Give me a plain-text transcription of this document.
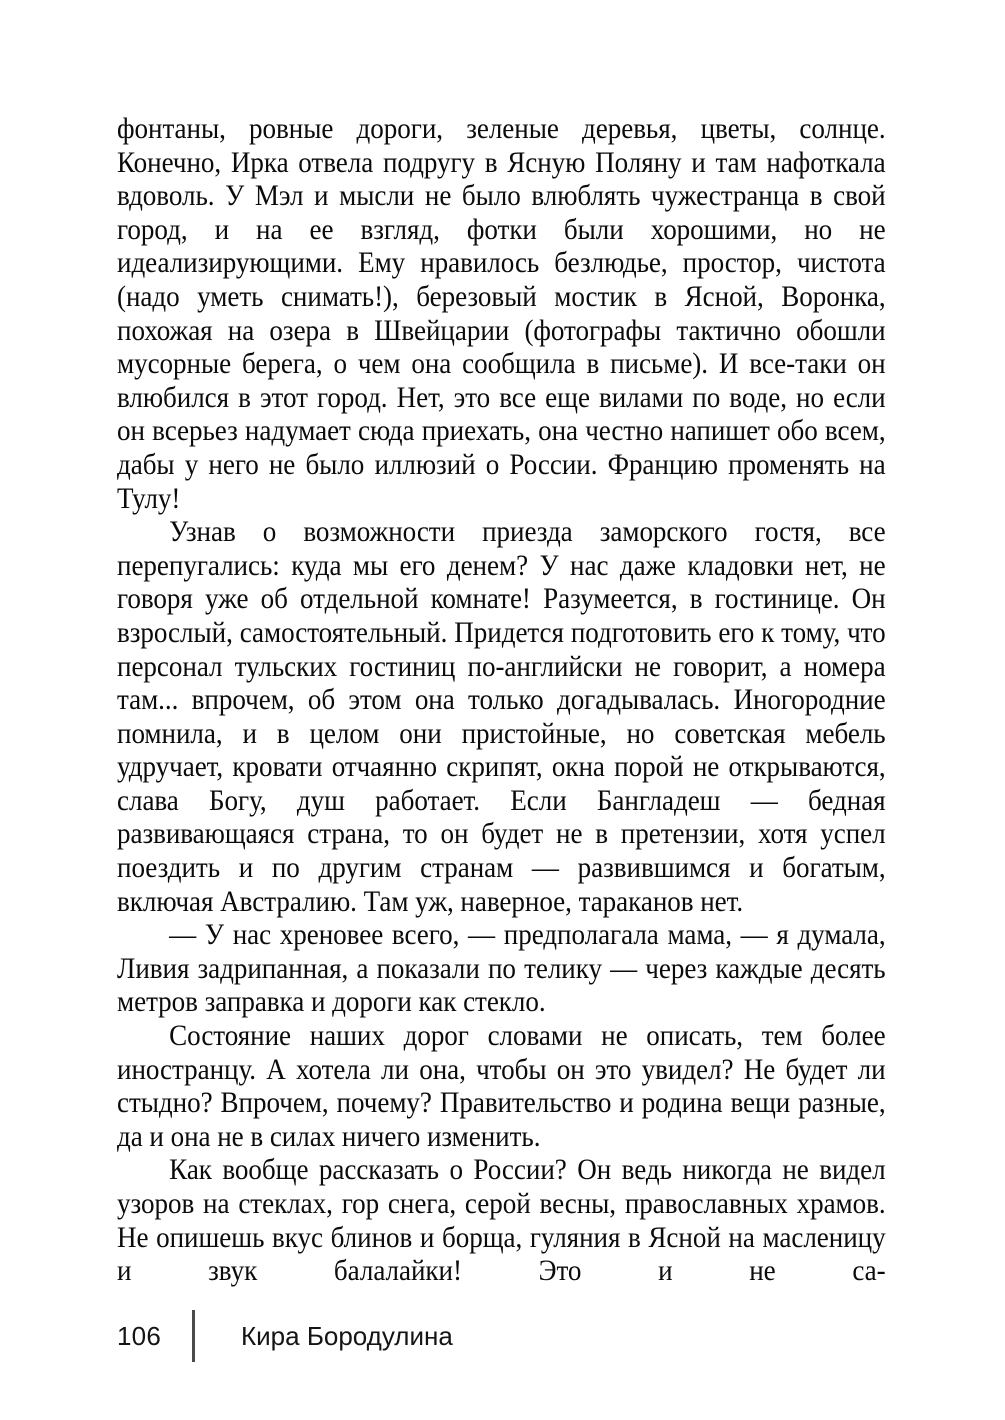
фонтаны, ровные дороги, зеленые деревья, цветы, солнце. Конечно, Ирка отвела подругу в Ясную Поляну и там нафоткала вдоволь. У Мэл и мысли не было влюблять чужестранца в свой город, и на ее взгляд, фотки были хорошими, но не идеализирующими. Ему нравилось безлюдье, простор, чистота (надо уметь снимать!), березовый мостик в Ясной, Воронка, похожая на озера в Швейцарии (фотографы тактично обошли мусорные берега, о чем она сообщила в письме). И все-таки он влюбился в этот город. Нет, это все еще вилами по воде, но если он всерьез надумает сюда приехать, она честно напишет обо всем, дабы у него не было иллюзий о России. Францию променять на Тулу!

Узнав о возможности приезда заморского гостя, все перепугались: куда мы его денем? У нас даже кладовки нет, не говоря уже об отдельной комнате! Разумеется, в гостинице. Он взрослый, самостоятельный. Придется подготовить его к тому, что персонал тульских гостиниц по-английски не говорит, а номера там... впрочем, об этом она только догадывалась. Иногородние помнила, и в целом они пристойные, но советская мебель удручает, кровати отчаянно скрипят, окна порой не открываются, слава Богу, душ работает. Если Бангладеш — бедная развивающаяся страна, то он будет не в претензии, хотя успел поездить и по другим странам — развившимся и богатым, включая Австралию. Там уж, наверное, тараканов нет.

— У нас хреновее всего, — предполагала мама, — я думала, Ливия задрипанная, а показали по телику — через каждые десять метров заправка и дороги как стекло.

Состояние наших дорог словами не описать, тем более иностранцу. А хотела ли она, чтобы он это увидел? Не будет ли стыдно? Впрочем, почему? Правительство и родина вещи разные, да и она не в силах ничего изменить.

Как вообще рассказать о России? Он ведь никогда не видел узоров на стеклах, гор снега, серой весны, православных храмов. Не опишешь вкус блинов и борща, гуляния в Ясной на масленицу и звук балалайки! Это и не са-

106	Кира Бородулина
